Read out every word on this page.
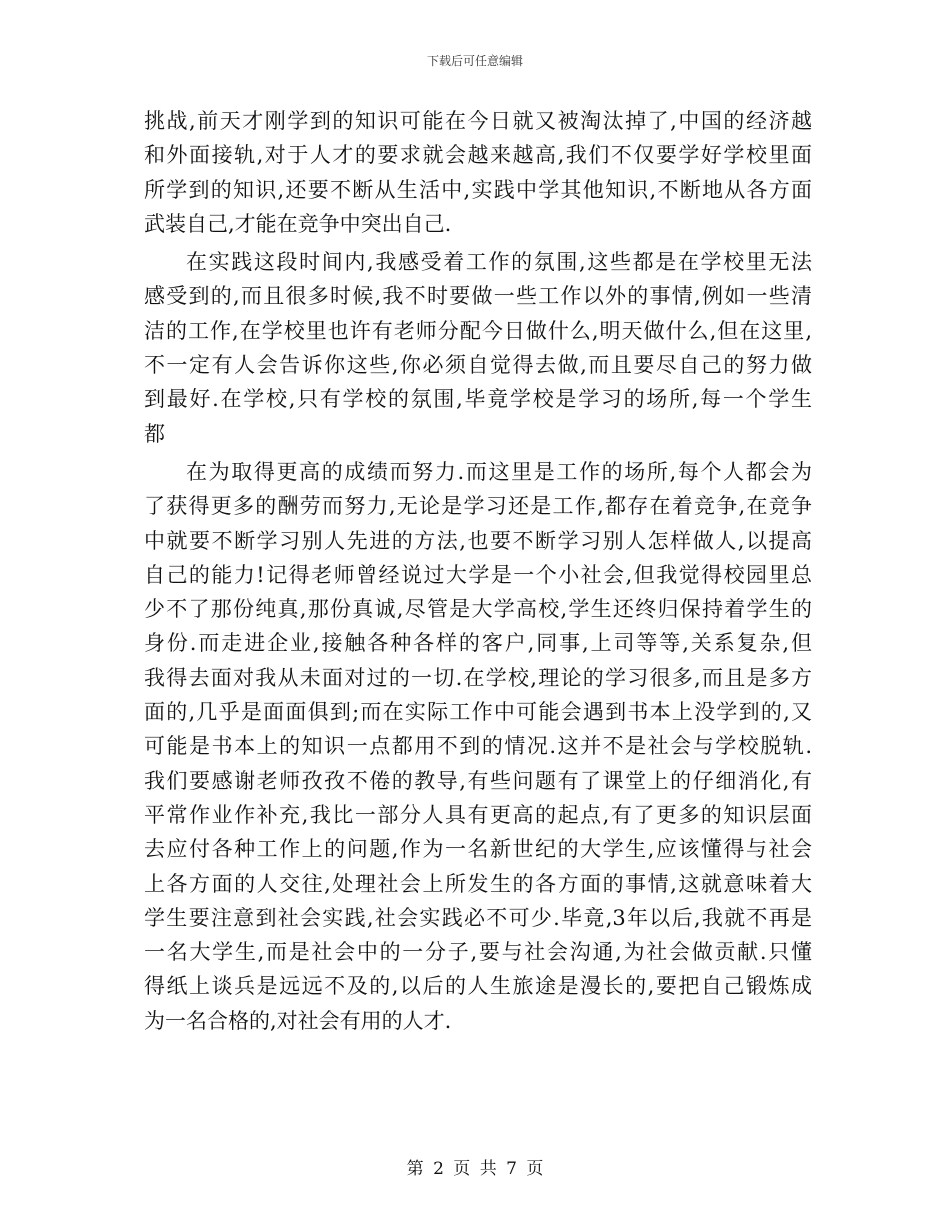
下载后可任意编辑
挑战,前天才刚学到的知识可能在今日就又被淘汰掉了,中国的经济越
和外面接轨,对于人才的要求就会越来越高,我们不仅要学好学校里面
所学到的知识,还要不断从生活中,实践中学其他知识,不断地从各方面
武装自己,才能在竞争中突出自己.
在实践这段时间内,我感受着工作的氛围,这些都是在学校里无法
感受到的,而且很多时候,我不时要做一些工作以外的事情,例如一些清
洁的工作,在学校里也许有老师分配今日做什么,明天做什么,但在这里,
不一定有人会告诉你这些,你必须自觉得去做,而且要尽自己的努力做
到最好.在学校,只有学校的氛围,毕竟学校是学习的场所,每一个学生
都
在为取得更高的成绩而努力.而这里是工作的场所,每个人都会为
了获得更多的酬劳而努力,无论是学习还是工作,都存在着竞争,在竞争
中就要不断学习别人先进的方法,也要不断学习别人怎样做人,以提高
自己的能力!记得老师曾经说过大学是一个小社会,但我觉得校园里总
少不了那份纯真,那份真诚,尽管是大学高校,学生还终归保持着学生的
身份.而走进企业,接触各种各样的客户,同事,上司等等,关系复杂,但
我得去面对我从未面对过的一切.在学校,理论的学习很多,而且是多方
面的,几乎是面面俱到;而在实际工作中可能会遇到书本上没学到的,又
可能是书本上的知识一点都用不到的情况.这并不是社会与学校脱轨.
我们要感谢老师孜孜不倦的教导,有些问题有了课堂上的仔细消化,有
平常作业作补充,我比一部分人具有更高的起点,有了更多的知识层面
去应付各种工作上的问题,作为一名新世纪的大学生,应该懂得与社会
上各方面的人交往,处理社会上所发生的各方面的事情,这就意味着大
学生要注意到社会实践,社会实践必不可少.毕竟,3年以后,我就不再是
一名大学生,而是社会中的一分子,要与社会沟通,为社会做贡献.只懂
得纸上谈兵是远远不及的,以后的人生旅途是漫长的,要把自己锻炼成
为一名合格的,对社会有用的人才.
第 2 页 共 7 页
